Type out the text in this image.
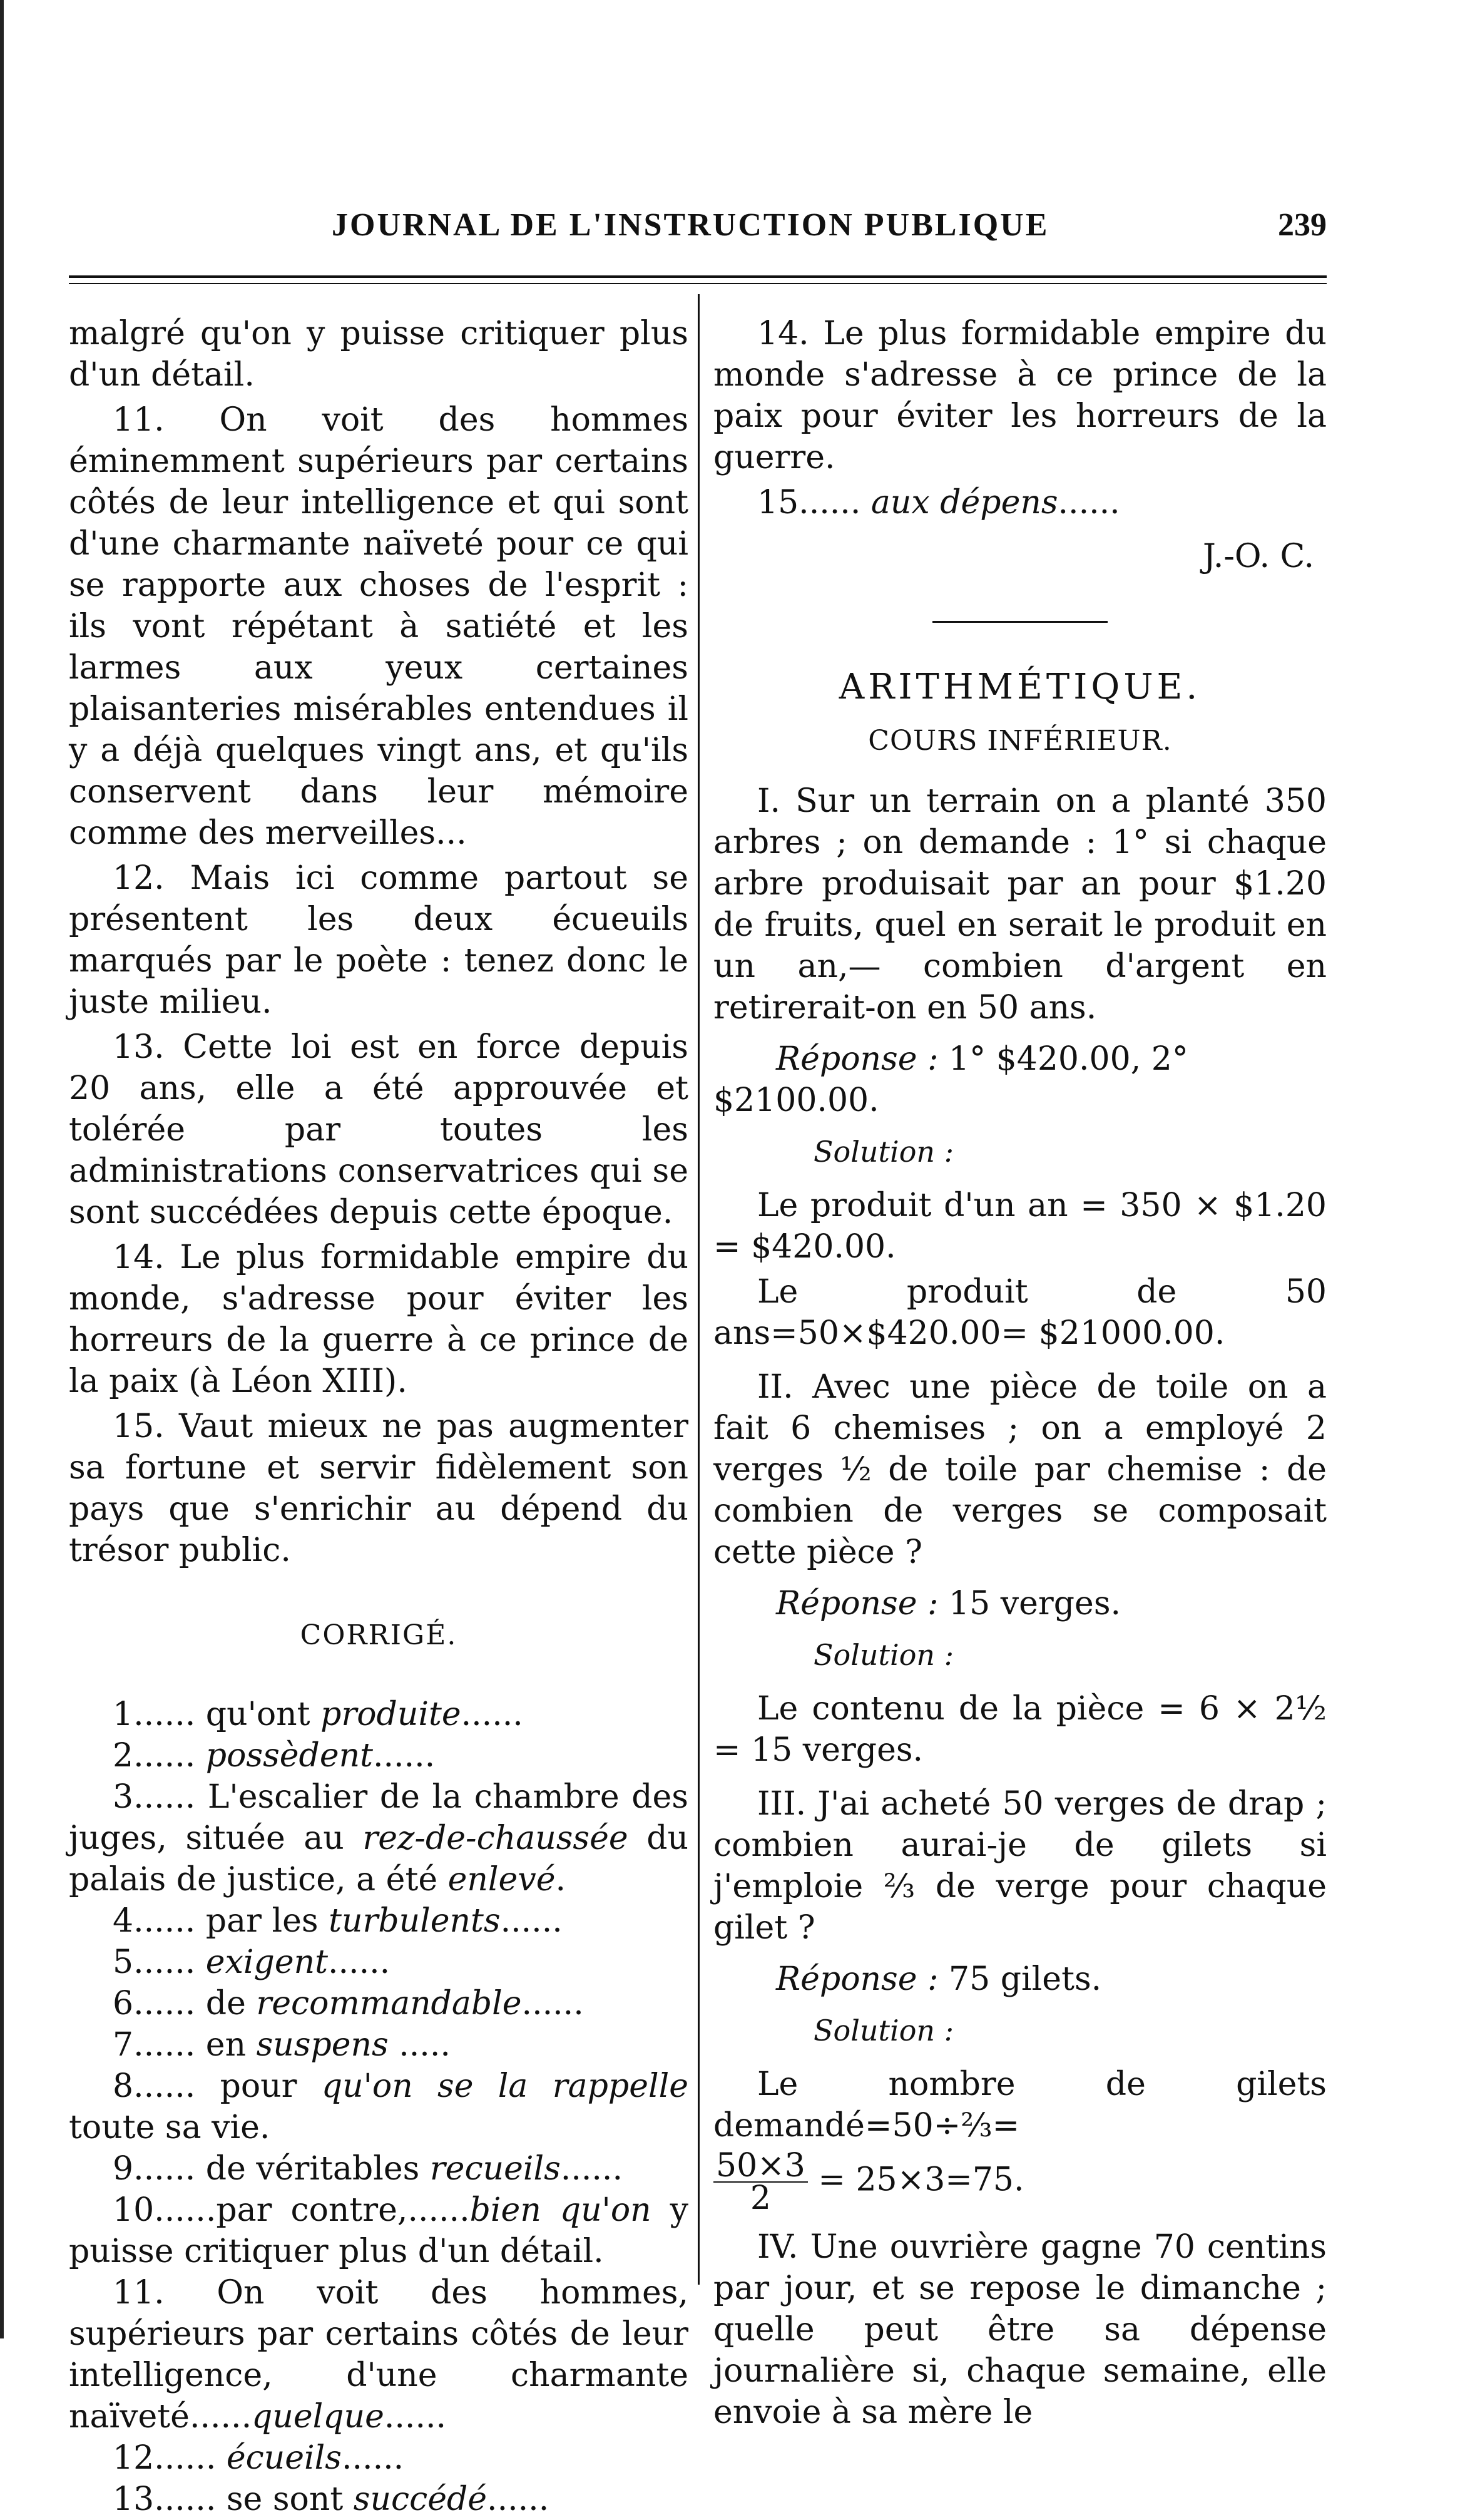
JOURNAL DE L'INSTRUCTION PUBLIQUE	239

malgré qu'on y puisse critiquer plus d'un détail.

11. On voit des hommes éminemment supérieurs par certains côtés de leur intelligence et qui sont d'une charmante naïveté pour ce qui se rapporte aux choses de l'esprit : ils vont répétant à satiété et les larmes aux yeux certaines plaisanteries misérables entendues il y a déjà quelques vingt ans, et qu'ils conservent dans leur mémoire comme des merveilles...

12. Mais ici comme partout se présentent les deux écueuils marqués par le poète : tenez donc le juste milieu.

13. Cette loi est en force depuis 20 ans, elle a été approuvée et tolérée par toutes les administrations conservatrices qui se sont succédées depuis cette époque.

14. Le plus formidable empire du monde, s'adresse pour éviter les horreurs de la guerre à ce prince de la paix (à Léon XIII).

15. Vaut mieux ne pas augmenter sa fortune et servir fidèlement son pays que s'enrichir au dépend du trésor public.

CORRIGÉ.

1...... qu'ont produite......

2...... possèdent......

3...... L'escalier de la chambre des juges, située au rez-de-chaussée du palais de justice, a été enlevé.

4...... par les turbulents......

5...... exigent......

6...... de recommandable......

7...... en suspens .....

8...... pour qu'on se la rappelle toute sa vie.

9...... de véritables recueils......

10......par contre,......bien qu'on y puisse critiquer plus d'un détail.

11. On voit des hommes, supérieurs par certains côtés de leur intelligence, d'une charmante naïveté......quelque......

12...... écueils......

13...... se sont succédé......

14. Le plus formidable empire du monde s'adresse à ce prince de la paix pour éviter les horreurs de la guerre.

15...... aux dépens......

J.-O. C.
ARITHMÉTIQUE.
COURS INFÉRIEUR.

I. Sur un terrain on a planté 350 arbres ; on demande : 1° si chaque arbre produisait par an pour $1.20 de fruits, quel en serait le produit en un an,— combien d'argent en retirerait-on en 50 ans.

Réponse : 1° $420.00, 2° $2100.00.

Solution :

Le produit d'un an = 350 × $1.20 = $420.00.

Le produit de 50 ans=50×$420.00= $21000.00.

II. Avec une pièce de toile on a fait 6 chemises ; on a employé 2 verges ½ de toile par chemise : de combien de verges se composait cette pièce ?

Réponse : 15 verges.

Solution :

Le contenu de la pièce = 6 × 2½ = 15 verges.

III. J'ai acheté 50 verges de drap ; combien aurai-je de gilets si j'emploie ⅔ de verge pour chaque gilet ?

Réponse : 75 gilets.

Solution :

Le nombre de gilets demandé=50÷⅔=

$\frac{50\times 3}{2} = 25\times 3=75$.

IV. Une ouvrière gagne 70 centins par jour, et se repose le dimanche ; quelle peut être sa dépense journalière si, chaque semaine, elle envoie à sa mère le
